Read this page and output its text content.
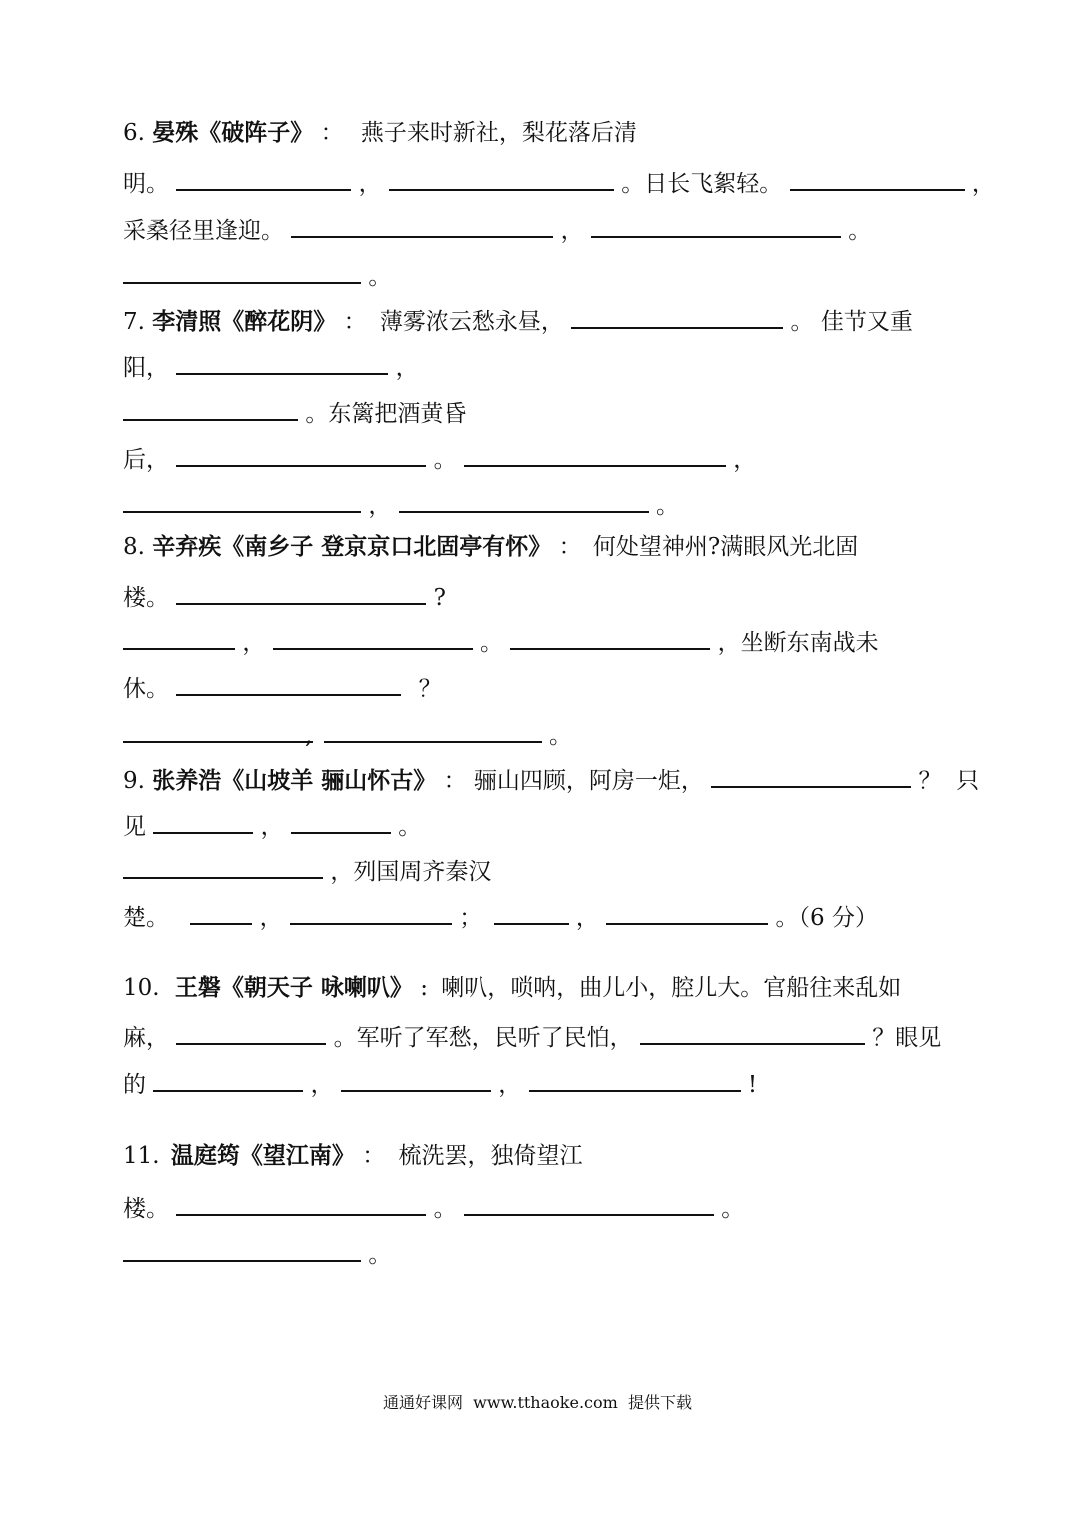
6. 晏殊《破阵子》 ： 燕子来时新社，梨花落后清
明。	，	。日长飞絮轻。	，
采桑径里逢迎。	，	。
。
7. 李清照《醉花阴》 ： 薄雾浓云愁永昼，	。 佳节又重
阳，	，
。东篱把酒黄昏
后，	。	，
，	。
8. 辛弃疾《南乡子 登京京口北固亭有怀》 ： 何处望神州?满眼风光北固
楼。	?
，	。	，坐断东南战未
休。	？
,	。
9. 张养浩《山坡羊 骊山怀古》 ： 骊山四顾，阿房一炬，	？  只
见	，	。
，列国周齐秦汉
楚。	，	；	，	。（6 分）
10. 王磐《朝天子 咏喇叭》 : 喇叭，唢呐，曲儿小，腔儿大。官船往来乱如
麻，	。军听了军愁，民听了民怕，	？眼见
的	，	，	!
11. 温庭筠《望江南》 ： 梳洗罢，独倚望江
楼。	。	。
。
通通好课网  www.tthaoke.com  提供下载
